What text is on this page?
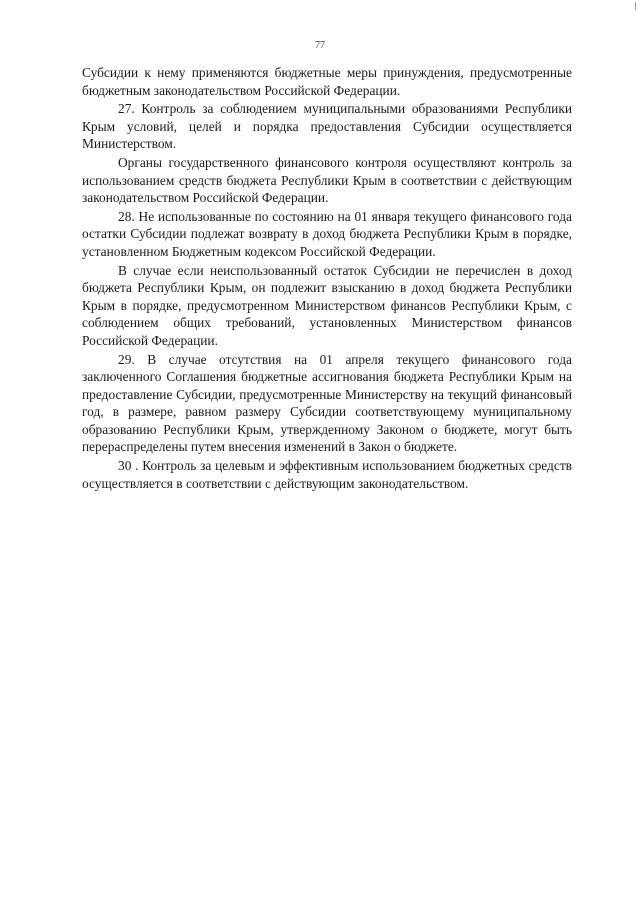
77

Субсидии к нему применяются бюджетные меры принуждения, предусмотренные бюджетным законодательством Российской Федерации.

27. Контроль за соблюдением муниципальными образованиями Республики Крым условий, целей и порядка предоставления Субсидии осуществляется Министерством.

Органы государственного финансового контроля осуществляют контроль за использованием средств бюджета Республики Крым в соответствии с действующим законодательством Российской Федерации.

28. Не использованные по состоянию на 01 января текущего финансового года остатки Субсидии подлежат возврату в доход бюджета Республики Крым в порядке, установленном Бюджетным кодексом Российской Федерации.

В случае если неиспользованный остаток Субсидии не перечислен в доход бюджета Республики Крым, он подлежит взысканию в доход бюджета Республики Крым в порядке, предусмотренном Министерством финансов Республики Крым, с соблюдением общих требований, установленных Министерством финансов Российской Федерации.

29. В случае отсутствия на 01 апреля текущего финансового года заключенного Соглашения бюджетные ассигнования бюджета Республики Крым на предоставление Субсидии, предусмотренные Министерству на текущий финансовый год, в размере, равном размеру Субсидии соответствующему муниципальному образованию Республики Крым, утвержденному Законом о бюджете, могут быть перераспределены путем внесения изменений в Закон о бюджете.

30 . Контроль за целевым и эффективным использованием бюджетных средств осуществляется в соответствии с действующим законодательством.
